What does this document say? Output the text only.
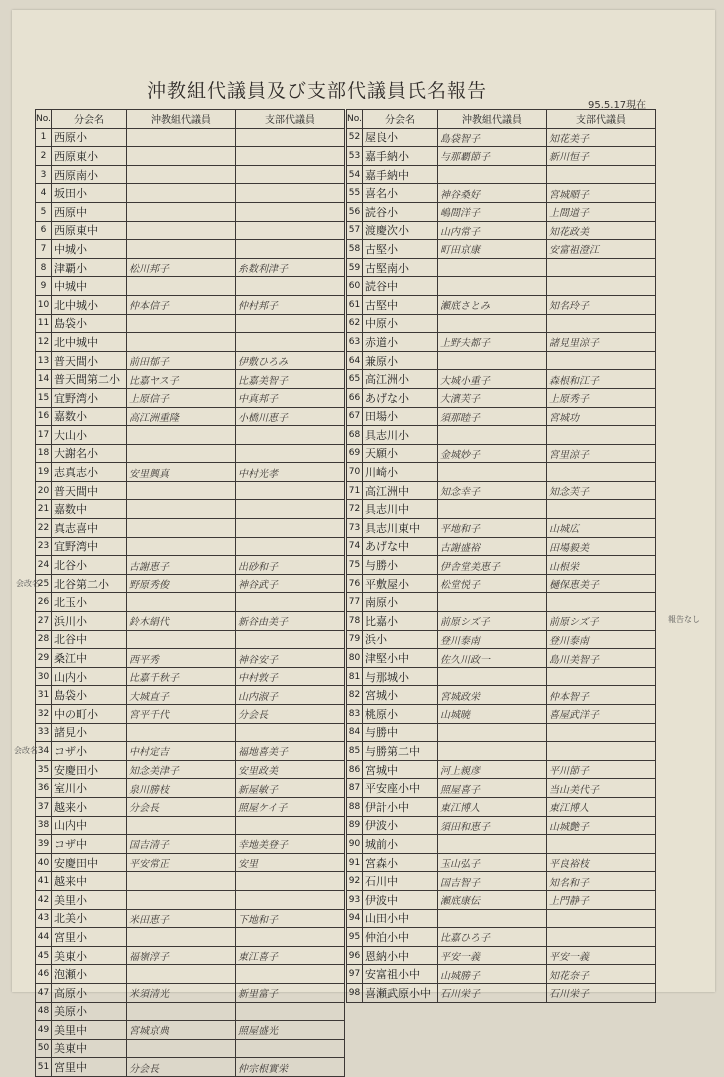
沖教組代議員及び支部代議員氏名報告
95.5.17現在
会改名
会改名
報告なし
No.	分会名	沖教組代議員	支部代議員
1	西原小		
2	西原東小		
3	西原南小		
4	坂田小		
5	西原中		
6	西原東中		
7	中城小		
8	津覇小	松川邦子	糸数利津子
9	中城中		
10	北中城小	仲本信子	仲村邦子
11	島袋小		
12	北中城中		
13	普天間小	前田郁子	伊敷ひろみ
14	普天間第二小	比嘉ヤス子	比嘉美智子
15	宜野湾小	上原信子	中真邦子
16	嘉数小	高江洲重隆	小橋川恵子
17	大山小		
18	大謝名小		
19	志真志小	安里興真	中村光孝
20	普天間中		
21	嘉数中		
22	真志喜中		
23	宜野湾中		
24	北谷小	古謝恵子	出砂和子
25	北谷第二小	野原秀俊	神谷武子
26	北玉小		
27	浜川小	鈴木絹代	新谷由美子
28	北谷中		
29	桑江中	西平秀	神谷安子
30	山内小	比嘉千秋子	中村敦子
31	島袋小	大城直子	山内淑子
32	中の町小	宮平千代	分会長
33	諸見小		
34	コザ小	中村定吉	福地喜美子
35	安慶田小	知念美津子	安里政美
36	室川小	泉川勝枝	新屋敏子
37	越来小	分会長	照屋ケイ子
38	山内中		
39	コザ中	国吉清子	幸地美登子
40	安慶田中	平安常正	安里
41	越来中		
42	美里小		
43	北美小	米田恵子	下地和子
44	宮里小		
45	美東小	福嶺淳子	東江喜子
46	泡瀬小		
47	高原小	米須清光	新里富子
48	美原小		
49	美里中	宮城京典	照屋盛光
50	美東中		
51	宮里中	分会長	仲宗根實栄
No.	分会名	沖教組代議員	支部代議員
52	屋良小	島袋智子	知花美子
53	嘉手納小	与那覇節子	新川恒子
54	嘉手納中		
55	喜名小	神谷桑好	宮城順子
56	読谷小	嶋間洋子	上間道子
57	渡慶次小	山内常子	知花政美
58	古堅小	町田京康	安富祖澄江
59	古堅南小		
60	読谷中		
61	古堅中	瀬底さとみ	知名玲子
62	中原小		
63	赤道小	上野夫都子	諸見里涼子
64	兼原小		
65	高江洲小	大城小重子	森根和江子
66	あげな小	大濱芙子	上原秀子
67	田場小	須那睦子	宮城功
68	具志川小		
69	天願小	金城妙子	宮里涼子
70	川崎小		
71	高江洲中	知念幸子	知念芙子
72	具志川中		
73	具志川東中	平地和子	山城広
74	あげな中	古謝盛裕	田場毅美
75	与勝小	伊舎堂美恵子	山根栄
76	平敷屋小	松堂悦子	樋保恵美子
77	南原小		
78	比嘉小	前原シズ子	前原シズ子
79	浜小	登川泰南	登川泰南
80	津堅小中	佐久川政一	島川美智子
81	与那城小		
82	宮城小	宮城政栄	仲本智子
83	桃原小	山城暁	喜屋武洋子
84	与勝中		
85	与勝第二中		
86	宮城中	河上親彦	平川節子
87	平安座小中	照屋喜子	当山美代子
88	伊計小中	東江博人	東江博人
89	伊波小	須田和恵子	山城艶子
90	城前小		
91	宮森小	玉山弘子	平良裕枝
92	石川中	国吉智子	知名和子
93	伊波中	瀬底康伝	上門静子
94	山田小中		
95	仲泊小中	比嘉ひろ子	
96	恩納小中	平安一義	平安一義
97	安富祖小中	山城勝子	知花奈子
98	喜瀬武原小中	石川栄子	石川栄子
